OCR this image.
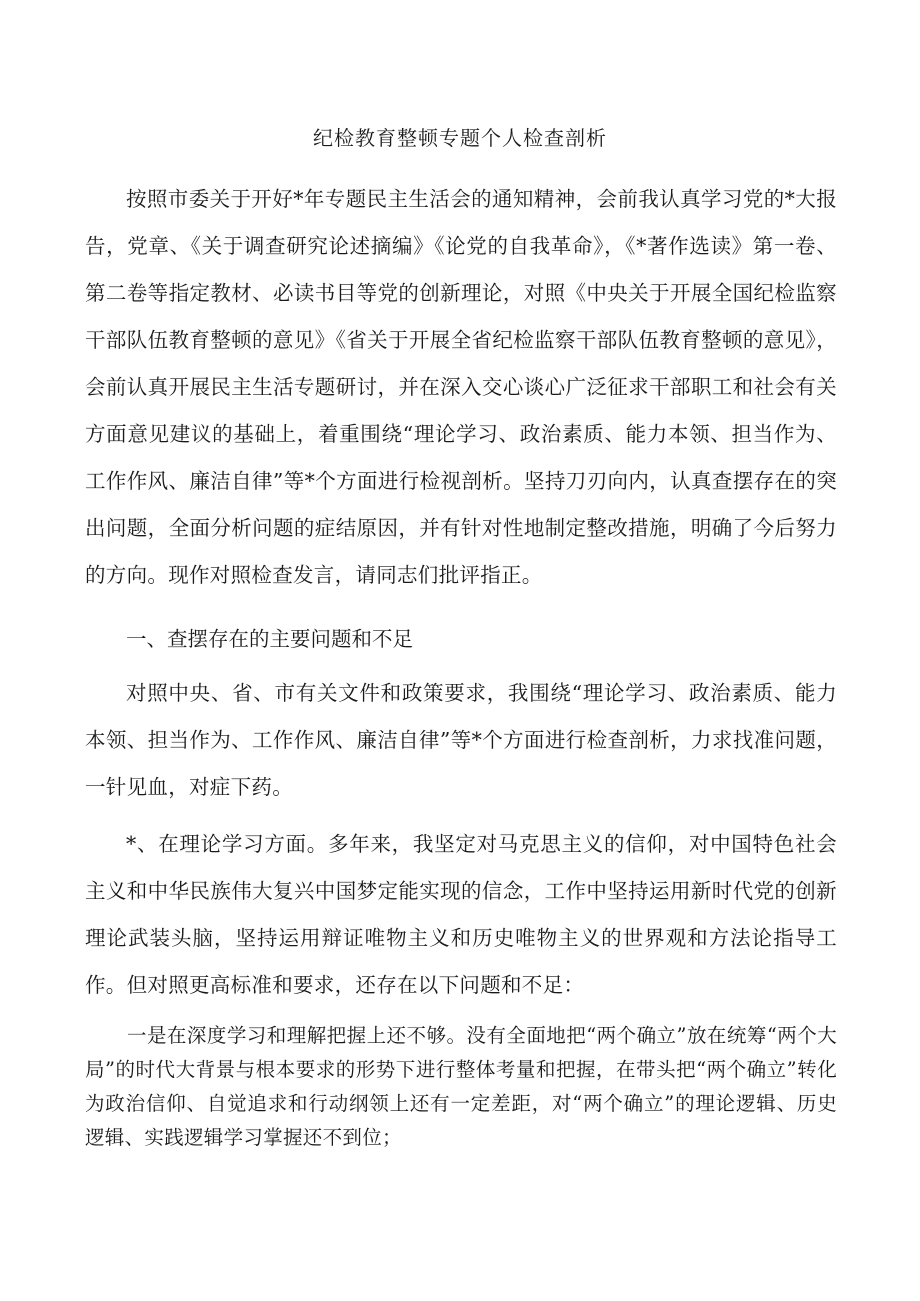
纪检教育整顿专题个人检查剖析

按照市委关于开好*年专题民主生活会的通知精神，会前我认真学习党的*大报告，党章、《关于调查研究论述摘编》《论党的自我革命》，《*著作选读》第一卷、第二卷等指定教材、必读书目等党的创新理论，对照《中央关于开展全国纪检监察干部队伍教育整顿的意见》《省关于开展全省纪检监察干部队伍教育整顿的意见》，会前认真开展民主生活专题研讨，并在深入交心谈心广泛征求干部职工和社会有关方面意见建议的基础上，着重围绕“理论学习、政治素质、能力本领、担当作为、工作作风、廉洁自律”等*个方面进行检视剖析。坚持刀刃向内，认真查摆存在的突出问题，全面分析问题的症结原因，并有针对性地制定整改措施，明确了今后努力的方向。现作对照检查发言，请同志们批评指正。

一、查摆存在的主要问题和不足

对照中央、省、市有关文件和政策要求，我围绕“理论学习、政治素质、能力本领、担当作为、工作作风、廉洁自律”等*个方面进行检查剖析，力求找准问题，一针见血，对症下药。

*、在理论学习方面。多年来，我坚定对马克思主义的信仰，对中国特色社会主义和中华民族伟大复兴中国梦定能实现的信念，工作中坚持运用新时代党的创新理论武装头脑，坚持运用辩证唯物主义和历史唯物主义的世界观和方法论指导工作。但对照更高标准和要求，还存在以下问题和不足：

一是在深度学习和理解把握上还不够。没有全面地把“两个确立”放在统筹“两个大局”的时代大背景与根本要求的形势下进行整体考量和把握，在带头把“两个确立”转化为政治信仰、自觉追求和行动纲领上还有一定差距，对“两个确立”的理论逻辑、历史逻辑、实践逻辑学习掌握还不到位；
